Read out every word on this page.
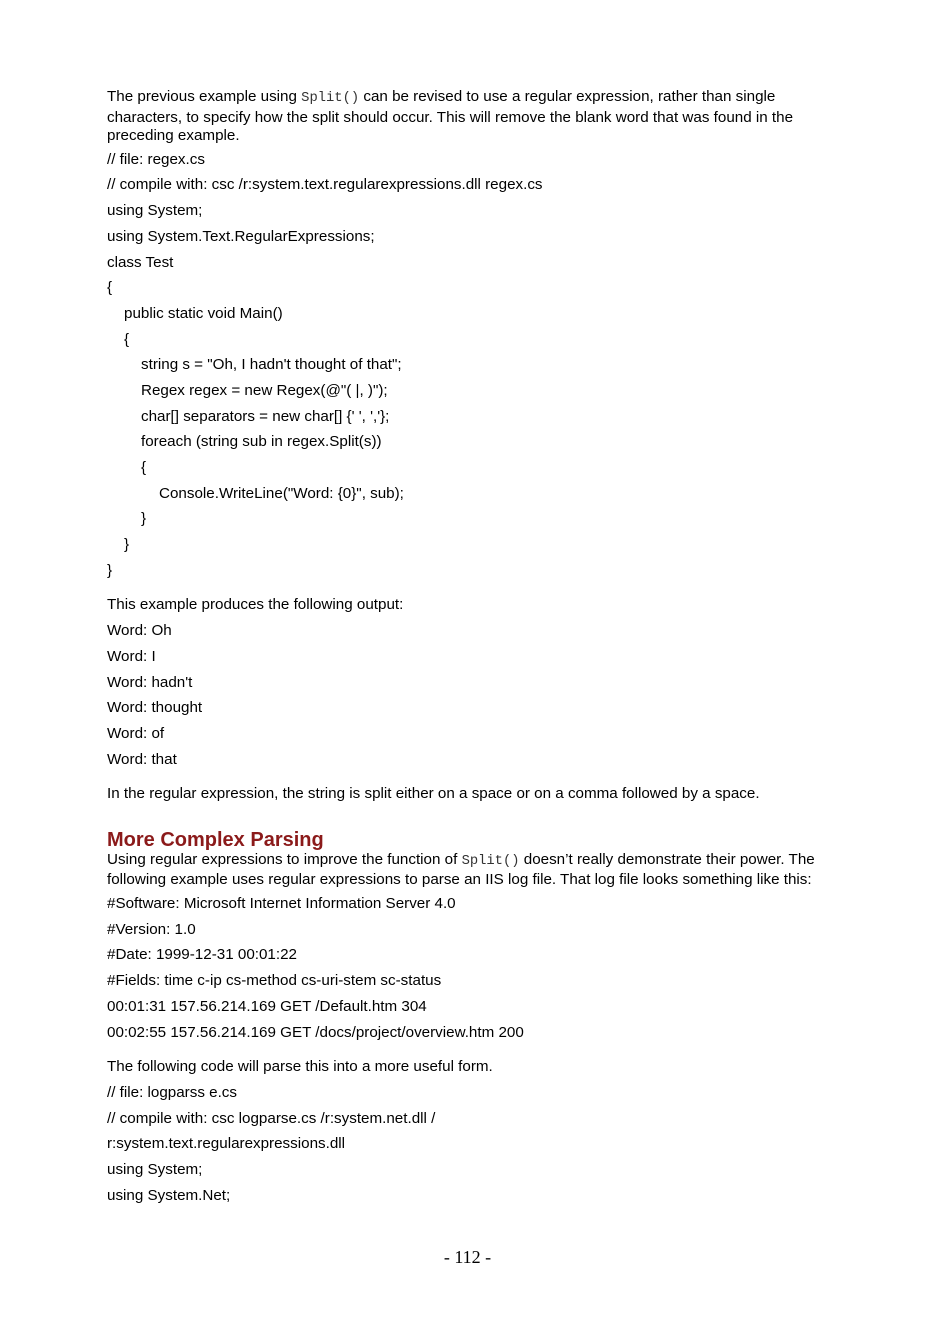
The previous example using Split() can be revised to use a regular expression, rather than single characters, to specify how the split should occur. This will remove the blank word that was found in the preceding example.

// file: regex.cs
// compile with: csc /r:system.text.regularexpressions.dll regex.cs
using System;
using System.Text.RegularExpressions;
class Test
{
public static void Main()
{
string s = "Oh, I hadn't thought of that";
Regex regex = new Regex(@"( |, )");
char[] separators = new char[] {' ', ','};
foreach (string sub in regex.Split(s))
{
Console.WriteLine("Word: {0}", sub);
}
}
}
This example produces the following output:
Word: Oh
Word: I
Word: hadn't
Word: thought
Word: of
Word: that

In the regular expression, the string is split either on a space or on a comma followed by a space.

More Complex Parsing

Using regular expressions to improve the function of Split() doesn’t really demonstrate their power. The following example uses regular expressions to parse an IIS log file. That log file looks something like this:

#Software: Microsoft Internet Information Server 4.0
#Version: 1.0
#Date: 1999-12-31 00:01:22
#Fields: time c-ip cs-method cs-uri-stem sc-status
00:01:31 157.56.214.169 GET /Default.htm 304
00:02:55 157.56.214.169 GET /docs/project/overview.htm 200
The following code will parse this into a more useful form.
// file: logparss e.cs
// compile with: csc logparse.cs /r:system.net.dll /
r:system.text.regularexpressions.dll
using System;
using System.Net;
- 112 -
